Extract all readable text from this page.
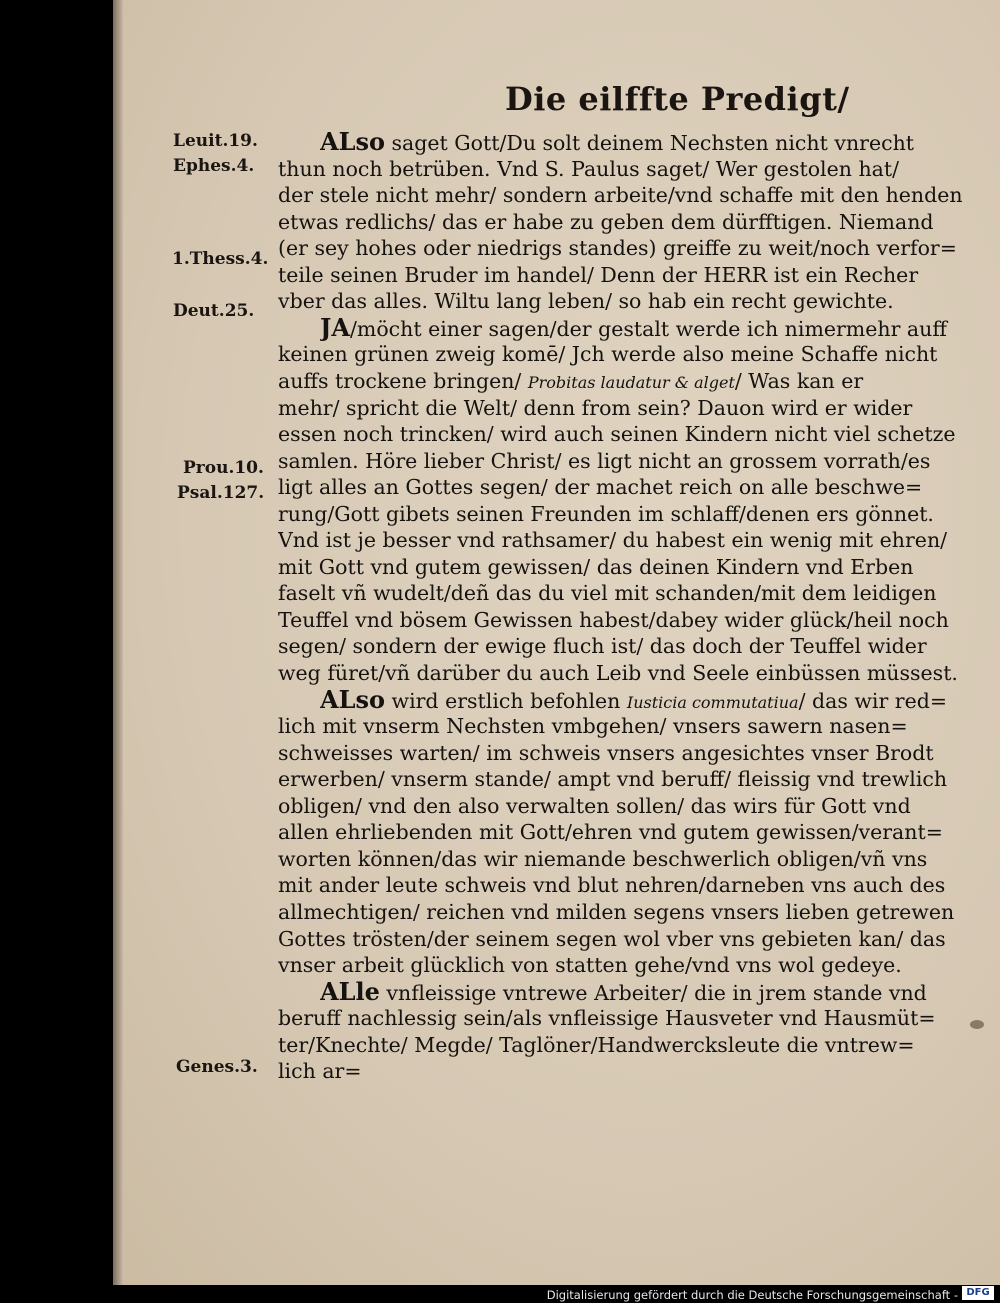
Die eilffte Predigt/
Leuit.19.
Ephes.4.
1.Thess.4.
Deut.25.
Prou.10.
Psal.127.
Genes.3.
ALso saget Gott/Du solt deinem Nechsten nicht vnrecht
thun noch betrüben. Vnd S. Paulus saget/ Wer gestolen hat/
der stele nicht mehr/ sondern arbeite/vnd schaffe mit den henden
etwas redlichs/ das er habe zu geben dem dürfftigen. Niemand
(er sey hohes oder niedrigs standes) greiffe zu weit/noch verfor=
teile seinen Bruder im handel/ Denn der HERR ist ein Recher
vber das alles. Wiltu lang leben/ so hab ein recht gewichte.
JA/möcht einer sagen/der gestalt werde ich nimermehr auff
keinen grünen zweig komē/ Jch werde also meine Schaffe nicht
auffs trockene bringen/ Probitas laudatur & alget/ Was kan er
mehr/ spricht die Welt/ denn from sein? Dauon wird er wider
essen noch trincken/ wird auch seinen Kindern nicht viel schetze
samlen. Höre lieber Christ/ es ligt nicht an grossem vorrath/es
ligt alles an Gottes segen/ der machet reich on alle beschwe=
rung/Gott gibets seinen Freunden im schlaff/denen ers gönnet.
Vnd ist je besser vnd rathsamer/ du habest ein wenig mit ehren/
mit Gott vnd gutem gewissen/ das deinen Kindern vnd Erben
faselt vñ wudelt/deñ das du viel mit schanden/mit dem leidigen
Teuffel vnd bösem Gewissen habest/dabey wider glück/heil noch
segen/ sondern der ewige fluch ist/ das doch der Teuffel wider
weg füret/vñ darüber du auch Leib vnd Seele einbüssen müssest.
ALso wird erstlich befohlen Iusticia commutatiua/ das wir red=
lich mit vnserm Nechsten vmbgehen/ vnsers sawern nasen=
schweisses warten/ im schweis vnsers angesichtes vnser Brodt
erwerben/ vnserm stande/ ampt vnd beruff/ fleissig vnd trewlich
obligen/ vnd den also verwalten sollen/ das wirs für Gott vnd
allen ehrliebenden mit Gott/ehren vnd gutem gewissen/verant=
worten können/das wir niemande beschwerlich obligen/vñ vns
mit ander leute schweis vnd blut nehren/darneben vns auch des
allmechtigen/ reichen vnd milden segens vnsers lieben getrewen
Gottes trösten/der seinem segen wol vber vns gebieten kan/ das
vnser arbeit glücklich von statten gehe/vnd vns wol gedeye.
ALle vnfleissige vntrewe Arbeiter/ die in jrem stande vnd
beruff nachlessig sein/als vnfleissige Hausveter vnd Hausmüt=
ter/Knechte/ Megde/ Taglöner/Handwercksleute die vntrew=
lich ar=
Digitalisierung gefördert durch die Deutsche Forschungsgemeinschaft - DFG
